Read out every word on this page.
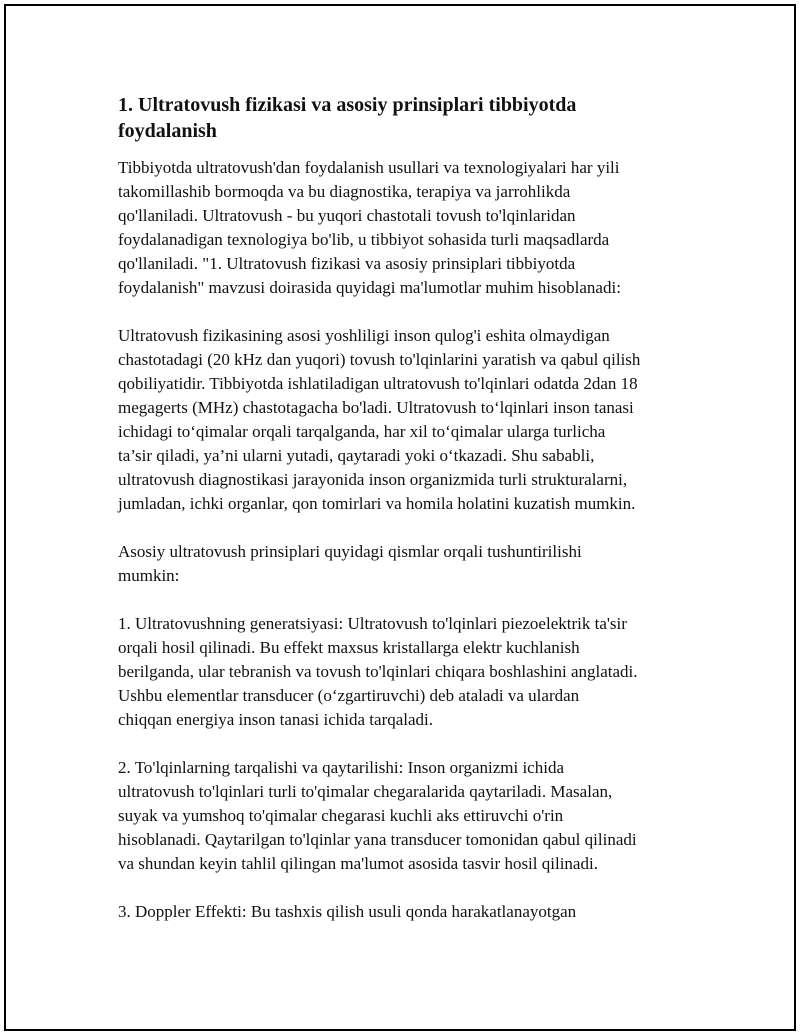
1. Ultratovush fizikasi va asosiy prinsiplari tibbiyotda
foydalanish

Tibbiyotda ultratovush'dan foydalanish usullari va texnologiyalari har yili
takomillashib bormoqda va bu diagnostika, terapiya va jarrohlikda
qo'llaniladi. Ultratovush - bu yuqori chastotali tovush to'lqinlaridan
foydalanadigan texnologiya bo'lib, u tibbiyot sohasida turli maqsadlarda
qo'llaniladi. "1. Ultratovush fizikasi va asosiy prinsiplari tibbiyotda
foydalanish" mavzusi doirasida quyidagi ma'lumotlar muhim hisoblanadi:

Ultratovush fizikasining asosi yoshliligi inson qulog'i eshita olmaydigan
chastotadagi (20 kHz dan yuqori) tovush to'lqinlarini yaratish va qabul qilish
qobiliyatidir. Tibbiyotda ishlatiladigan ultratovush to'lqinlari odatda 2dan 18
megagerts (MHz) chastotagacha bo'ladi. Ultratovush to‘lqinlari inson tanasi
ichidagi to‘qimalar orqali tarqalganda, har xil to‘qimalar ularga turlicha
ta’sir qiladi, ya’ni ularni yutadi, qaytaradi yoki o‘tkazadi. Shu sababli,
ultratovush diagnostikasi jarayonida inson organizmida turli strukturalarni,
jumladan, ichki organlar, qon tomirlari va homila holatini kuzatish mumkin.

Asosiy ultratovush prinsiplari quyidagi qismlar orqali tushuntirilishi
mumkin:

1. Ultratovushning generatsiyasi: Ultratovush to'lqinlari piezoelektrik ta'sir
orqali hosil qilinadi. Bu effekt maxsus kristallarga elektr kuchlanish
berilganda, ular tebranish va tovush to'lqinlari chiqara boshlashini anglatadi.
Ushbu elementlar transducer (o‘zgartiruvchi) deb ataladi va ulardan
chiqqan energiya inson tanasi ichida tarqaladi.

2. To'lqinlarning tarqalishi va qaytarilishi: Inson organizmi ichida
ultratovush to'lqinlari turli to'qimalar chegaralarida qaytariladi. Masalan,
suyak va yumshoq to'qimalar chegarasi kuchli aks ettiruvchi o'rin
hisoblanadi. Qaytarilgan to'lqinlar yana transducer tomonidan qabul qilinadi
va shundan keyin tahlil qilingan ma'lumot asosida tasvir hosil qilinadi.

3. Doppler Effekti: Bu tashxis qilish usuli qonda harakatlanayotgan
